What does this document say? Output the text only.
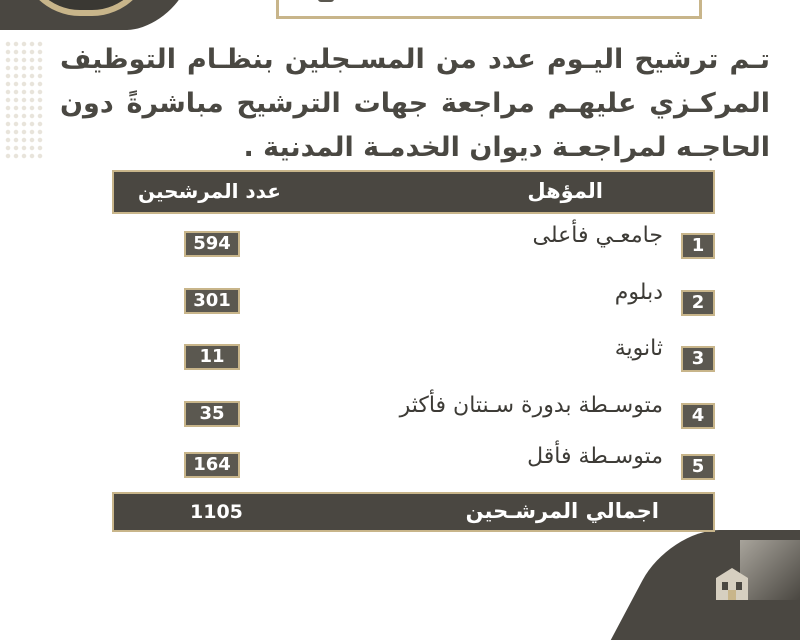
تـم ترشيح اليـوم عدد من المسـجلين بنظـام التوظيف المركـزي عليهـم مراجعة جهات الترشيح مباشرةً دون الحاجـه لمراجعـة ديوان الخدمـة المدنية .
المؤهل
عدد المرشحين
1
جامعـي فأعلى
594
2
دبلوم
301
3
ثانوية
11
4
متوسـطة بدورة سـنتان فأكثر
35
5
متوسـطة فأقل
164
اجمالي المرشـحين
1105
